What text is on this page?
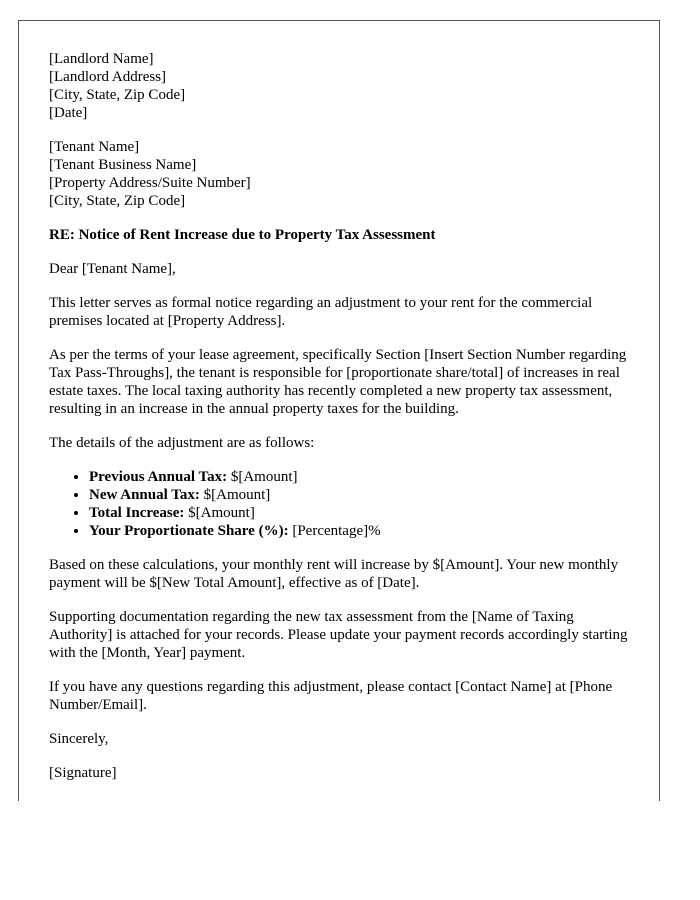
[Landlord Name]
[Landlord Address]
[City, State, Zip Code]
[Date]
[Tenant Name]
[Tenant Business Name]
[Property Address/Suite Number]
[City, State, Zip Code]

RE: Notice of Rent Increase due to Property Tax Assessment

Dear [Tenant Name],

This letter serves as formal notice regarding an adjustment to your rent for the commercial premises located at [Property Address].

As per the terms of your lease agreement, specifically Section [Insert Section Number regarding Tax Pass-Throughs], the tenant is responsible for [proportionate share/total] of increases in real estate taxes. The local taxing authority has recently completed a new property tax assessment, resulting in an increase in the annual property taxes for the building.

The details of the adjustment are as follows:

• Previous Annual Tax: $[Amount]
• New Annual Tax: $[Amount]
• Total Increase: $[Amount]
• Your Proportionate Share (%): [Percentage]%

Based on these calculations, your monthly rent will increase by $[Amount]. Your new monthly payment will be $[New Total Amount], effective as of [Date].

Supporting documentation regarding the new tax assessment from the [Name of Taxing Authority] is attached for your records. Please update your payment records accordingly starting with the [Month, Year] payment.

If you have any questions regarding this adjustment, please contact [Contact Name] at [Phone Number/Email].

Sincerely,

[Signature]
